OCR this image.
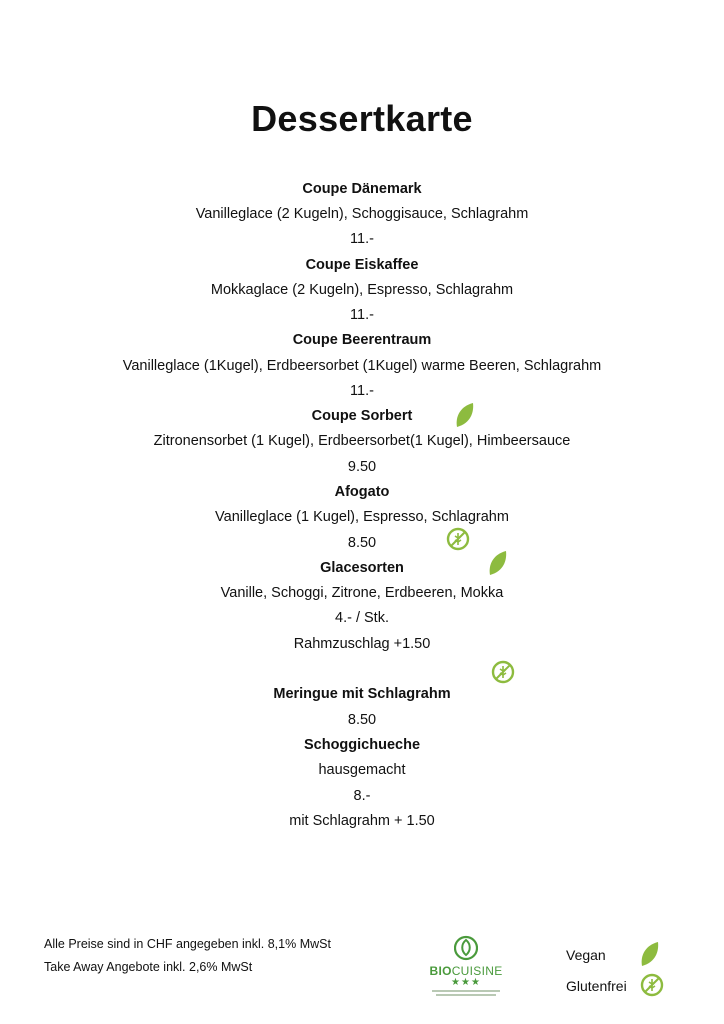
Dessertkarte
Coupe Dänemark
Vanilleglace (2 Kugeln), Schoggisauce, Schlagrahm
11.-
Coupe Eiskaffee
Mokkaglace (2 Kugeln), Espresso, Schlagrahm
11.-
Coupe Beerentraum
Vanilleglace (1Kugel), Erdbeersorbet (1Kugel) warme Beeren, Schlagrahm
11.-
Coupe Sorbert
Zitronensorbet (1 Kugel), Erdbeersorbet(1 Kugel), Himbeersauce
9.50
Afogato
Vanilleglace (1 Kugel), Espresso, Schlagrahm
8.50
Glacesorten
Vanille, Schoggi, Zitrone, Erdbeeren, Mokka
4.- / Stk.
Rahmzuschlag +1.50
Meringue mit Schlagrahm
8.50
Schoggichueche
hausgemacht
8.-
mit Schlagrahm + 1.50
Alle Preise sind in CHF angegeben inkl. 8,1% MwSt
Take Away Angebote inkl. 2,6% MwSt	BIOCUISINE
★★★
Vegan
Glutenfrei
